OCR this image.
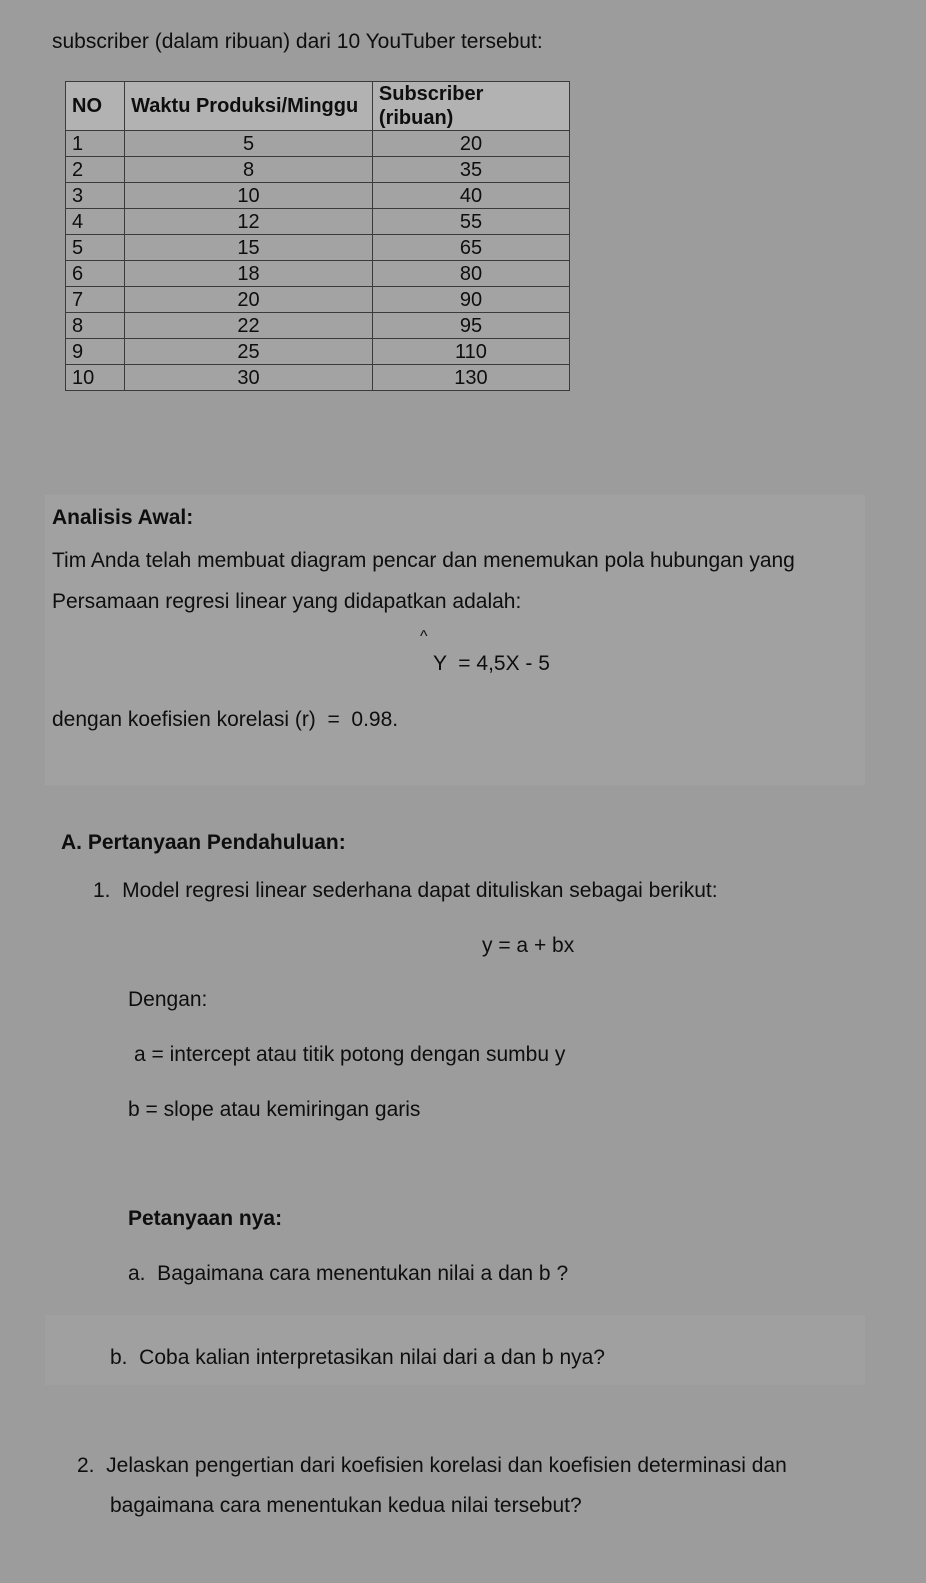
subscriber (dalam ribuan) dari 10 YouTuber tersebut:
NO	Waktu Produksi/Minggu	Subscriber (ribuan)
1	5	20
2	8	35
3	10	40
4	12	55
5	15	65
6	18	80
7	20	90
8	22	95
9	25	110
10	30	130
Analisis Awal:
Tim Anda telah membuat diagram pencar dan menemukan pola hubungan yang
Persamaan regresi linear yang didapatkan adalah:
^
Y  = 4,5X - 5
dengan koefisien korelasi (r)  =  0.98.
A. Pertanyaan Pendahuluan:
1.  Model regresi linear sederhana dapat dituliskan sebagai berikut:
y = a + bx
Dengan:
a = intercept atau titik potong dengan sumbu y
b = slope atau kemiringan garis
Petanyaan nya:
a.  Bagaimana cara menentukan nilai a dan b ?
b.  Coba kalian interpretasikan nilai dari a dan b nya?
2.  Jelaskan pengertian dari koefisien korelasi dan koefisien determinasi dan
bagaimana cara menentukan kedua nilai tersebut?
